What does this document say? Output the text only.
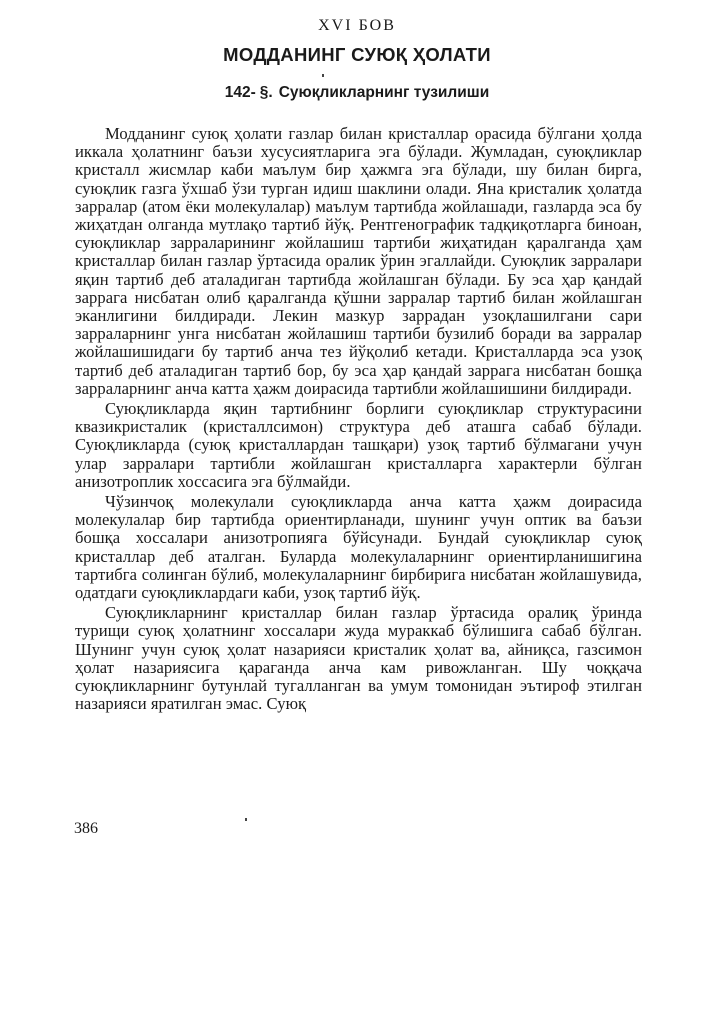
XVI БОВ
МОДДАНИНГ СУЮҚ ҲОЛАТИ
142- §. Суюқликларнинг тузилиши

Модданинг суюқ ҳолати газлар билан кристаллар орасида бўлгани ҳолда иккала ҳолатнинг баъзи хусусиятларига эга бўлади. Жумладан, суюқликлар кристалл жисмлар каби маълум бир ҳажмга эга бўлади, шу билан бирга, суюқлик газга ўхшаб ўзи турган идиш шаклини олади. Яна кристалик ҳолатда зарралар (атом ёки молекулалар) маълум тартибда жойлашади, газларда эса бу жиҳатдан олганда мутлақо тартиб йўқ. Рентгенографик тадқиқотларга биноан, суюқликлар зарраларининг жойлашиш тартиби жиҳатидан қаралганда ҳам кристаллар билан газлар ўртасида оралик ўрин эгаллайди. Суюқлик зарралари яқин тартиб деб аталадиган тартибда жойлашган бўлади. Бу эса ҳар қандай заррага нисбатан олиб қаралганда қўшни зарралар тартиб билан жойлашган эканлигини билдиради. Лекин мазкур заррадан узоқлашилгани сари зарраларнинг унга нисбатан жойлашиш тартиби бузилиб боради ва зарралар жойлашишидаги бу тартиб анча тез йўқолиб кетади. Кристалларда эса узоқ тартиб деб аталадиган тартиб бор, бу эса ҳар қандай заррага нисбатан бошқа зарраларнинг анча катта ҳажм доирасида тартибли жойлашишини билдиради.

Суюқликларда яқин тартибнинг борлиги суюқликлар структурасини квазикристалик (кристаллсимон) структура деб аташга сабаб бўлади. Суюқликларда (суюқ кристаллардан ташқари) узоқ тартиб бўлмагани учун улар зарралари тартибли жойлашган кристалларга характерли бўлган анизотроплик хоссасига эга бўлмайди.

Чўзинчоқ молекулали суюқликларда анча катта ҳажм доирасида молекулалар бир тартибда ориентирланади, шунинг учун оптик ва баъзи бошқа хоссалари анизотропияга бўйсунади. Бундай суюқликлар суюқ кристаллар деб аталган. Буларда молекулаларнинг ориентирланишигина тартибга солинган бўлиб, молекулаларнинг бирбирига нисбатан жойлашувида, одатдаги суюқликлардаги каби, узоқ тартиб йўқ.

Суюқликларнинг кристаллар билан газлар ўртасида оралиқ ўринда турищи суюқ ҳолатнинг хоссалари жуда мураккаб бўлишига сабаб бўлган. Шунинг учун суюқ ҳолат назарияси кристалик ҳолат ва, айниқса, газсимон ҳолат назариясига қараганда анча кам ривожланган. Шу чоққача суюқликларнинг бутунлай тугалланган ва умум томонидан эътироф этилган назарияси яратилган эмас. Суюқ

386
